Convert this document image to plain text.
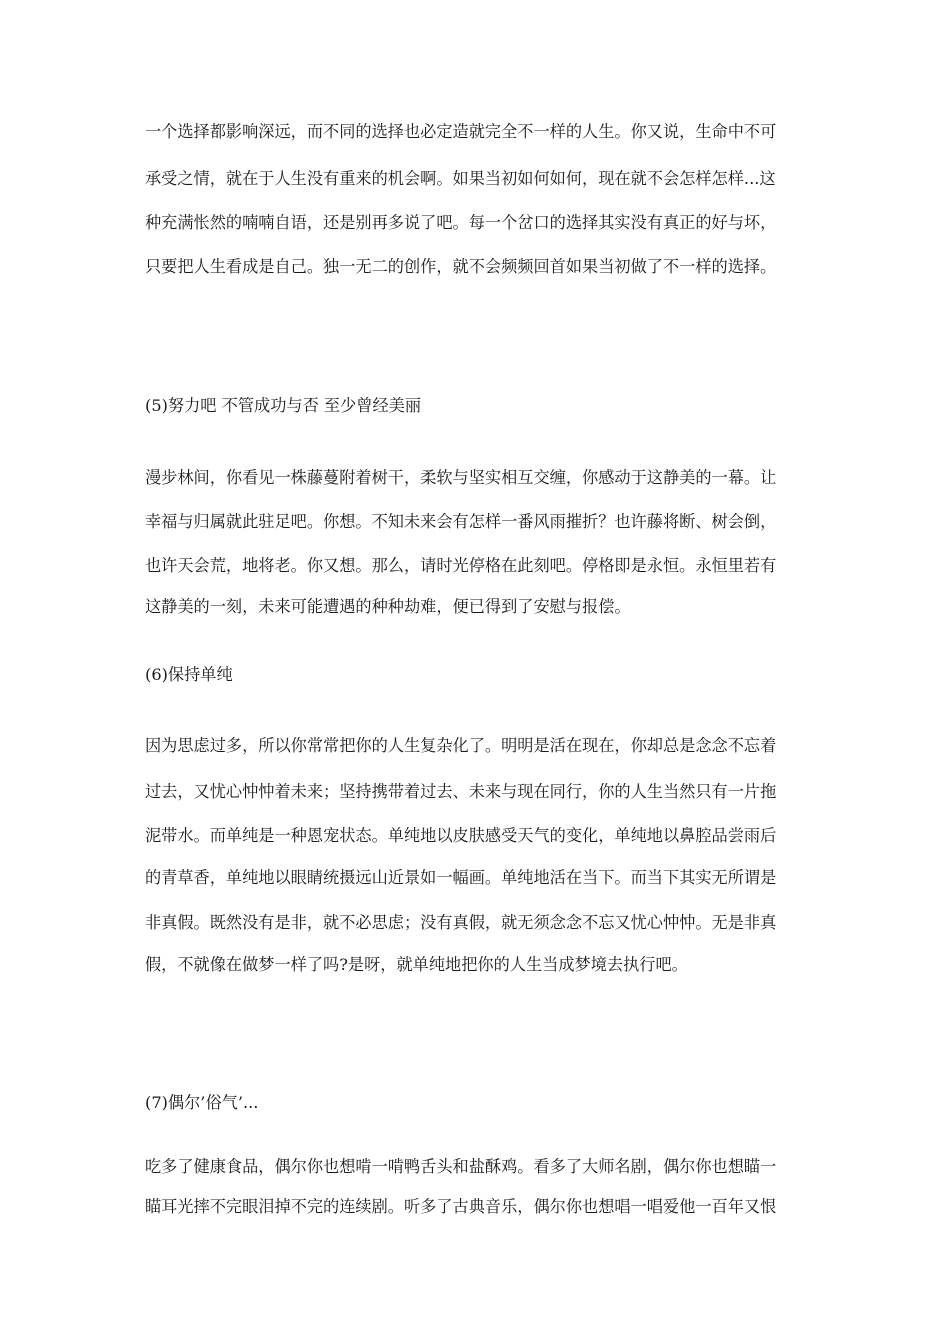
一个选择都影响深远，而不同的选择也必定造就完全不一样的人生。你又说，生命中不可
承受之情，就在于人生没有重来的机会啊。如果当初如何如何，现在就不会怎样怎样...这
种充满怅然的喃喃自语，还是别再多说了吧。每一个岔口的选择其实没有真正的好与坏，
只要把人生看成是自己。独一无二的创作，就不会频频回首如果当初做了不一样的选择。
(5)努力吧 不管成功与否 至少曾经美丽
漫步林间，你看见一株藤蔓附着树干，柔软与坚实相互交缠，你感动于这静美的一幕。让
幸福与归属就此驻足吧。你想。不知未来会有怎样一番风雨摧折？也许藤将断、树会倒，
也许天会荒，地将老。你又想。那么，请时光停格在此刻吧。停格即是永恒。永恒里若有
这静美的一刻，未来可能遭遇的种种劫难，便已得到了安慰与报偿。
(6)保持单纯
因为思虑过多，所以你常常把你的人生复杂化了。明明是活在现在，你却总是念念不忘着
过去，又忧心忡忡着未来；坚持携带着过去、未来与现在同行，你的人生当然只有一片拖
泥带水。而单纯是一种恩宠状态。单纯地以皮肤感受天气的变化，单纯地以鼻腔品尝雨后
的青草香，单纯地以眼睛统摄远山近景如一幅画。单纯地活在当下。而当下其实无所谓是
非真假。既然没有是非，就不必思虑；没有真假，就无须念念不忘又忧心忡忡。无是非真
假，不就像在做梦一样了吗?是呀，就单纯地把你的人生当成梦境去执行吧。
(7)偶尔’俗气’...
吃多了健康食品，偶尔你也想啃一啃鸭舌头和盐酥鸡。看多了大师名剧，偶尔你也想瞄一
瞄耳光摔不完眼泪掉不完的连续剧。听多了古典音乐，偶尔你也想唱一唱爱他一百年又恨
